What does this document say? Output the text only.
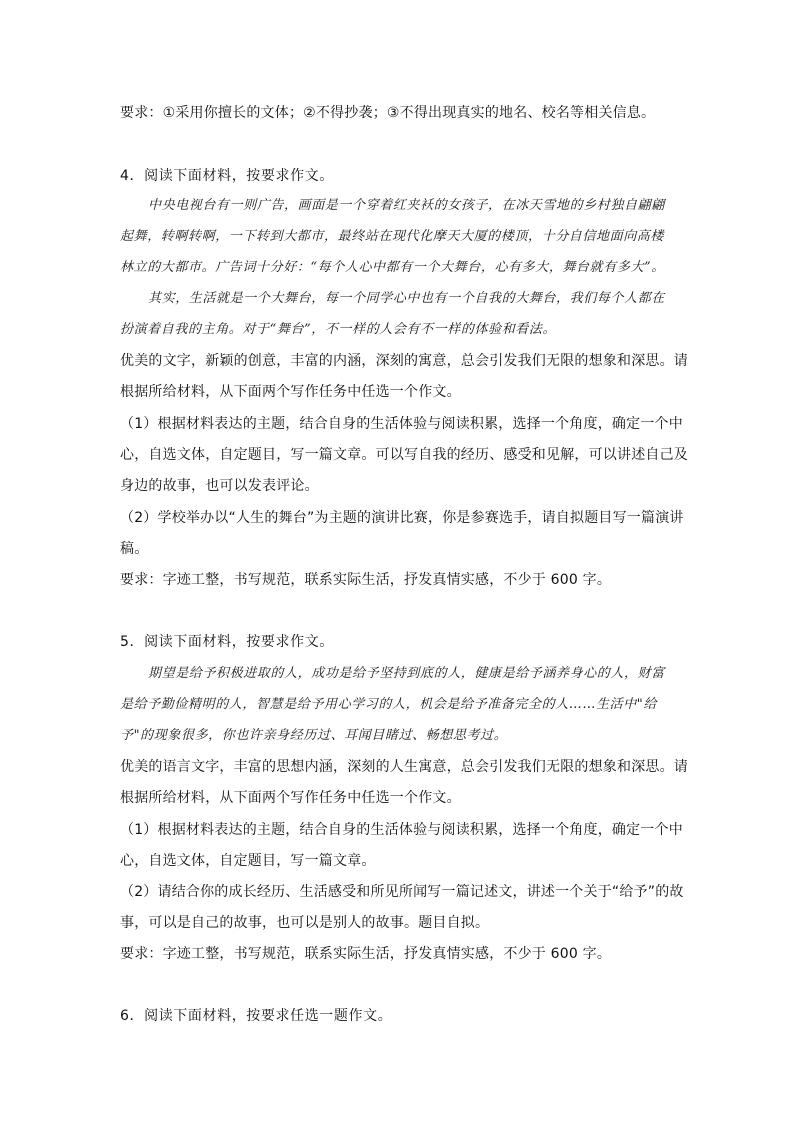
要求：①采用你擅长的文体；②不得抄袭；③不得出现真实的地名、校名等相关信息。
4．阅读下面材料，按要求作文。
中央电视台有一则广告，画面是一个穿着红夹袄的女孩子，在冰天雪地的乡村独自翩翩
起舞，转啊转啊，一下转到大都市，最终站在现代化摩天大厦的楼顶，十分自信地面向高楼
林立的大都市。广告词十分好：“每个人心中都有一个大舞台，心有多大，舞台就有多大”。
其实，生活就是一个大舞台，每一个同学心中也有一个自我的大舞台，我们每个人都在
扮演着自我的主角。对于“舞台”，不一样的人会有不一样的体验和看法。
优美的文字，新颖的创意，丰富的内涵，深刻的寓意，总会引发我们无限的想象和深思。请
根据所给材料，从下面两个写作任务中任选一个作文。
（1）根据材料表达的主题，结合自身的生活体验与阅读积累，选择一个角度，确定一个中
心，自选文体，自定题目，写一篇文章。可以写自我的经历、感受和见解，可以讲述自己及
身边的故事，也可以发表评论。
（2）学校举办以“人生的舞台”为主题的演讲比赛，你是参赛选手，请自拟题目写一篇演讲
稿。
要求：字迹工整，书写规范，联系实际生活，抒发真情实感，不少于 600 字。
5．阅读下面材料，按要求作文。
期望是给予积极进取的人，成功是给予坚持到底的人，健康是给予涵养身心的人，财富
是给予勤俭精明的人，智慧是给予用心学习的人，机会是给予准备完全的人……生活中"给
予"的现象很多，你也许亲身经历过、耳闻目睹过、畅想思考过。
优美的语言文字，丰富的思想内涵，深刻的人生寓意，总会引发我们无限的想象和深思。请
根据所给材料，从下面两个写作任务中任选一个作文。
（1）根据材料表达的主题，结合自身的生活体验与阅读积累，选择一个角度，确定一个中
心，自选文体，自定题目，写一篇文章。
（2）请结合你的成长经历、生活感受和所见所闻写一篇记述文，讲述一个关于“给予”的故
事，可以是自己的故事，也可以是别人的故事。题目自拟。
要求：字迹工整，书写规范，联系实际生活，抒发真情实感，不少于 600 字。
6．阅读下面材料，按要求任选一题作文。
